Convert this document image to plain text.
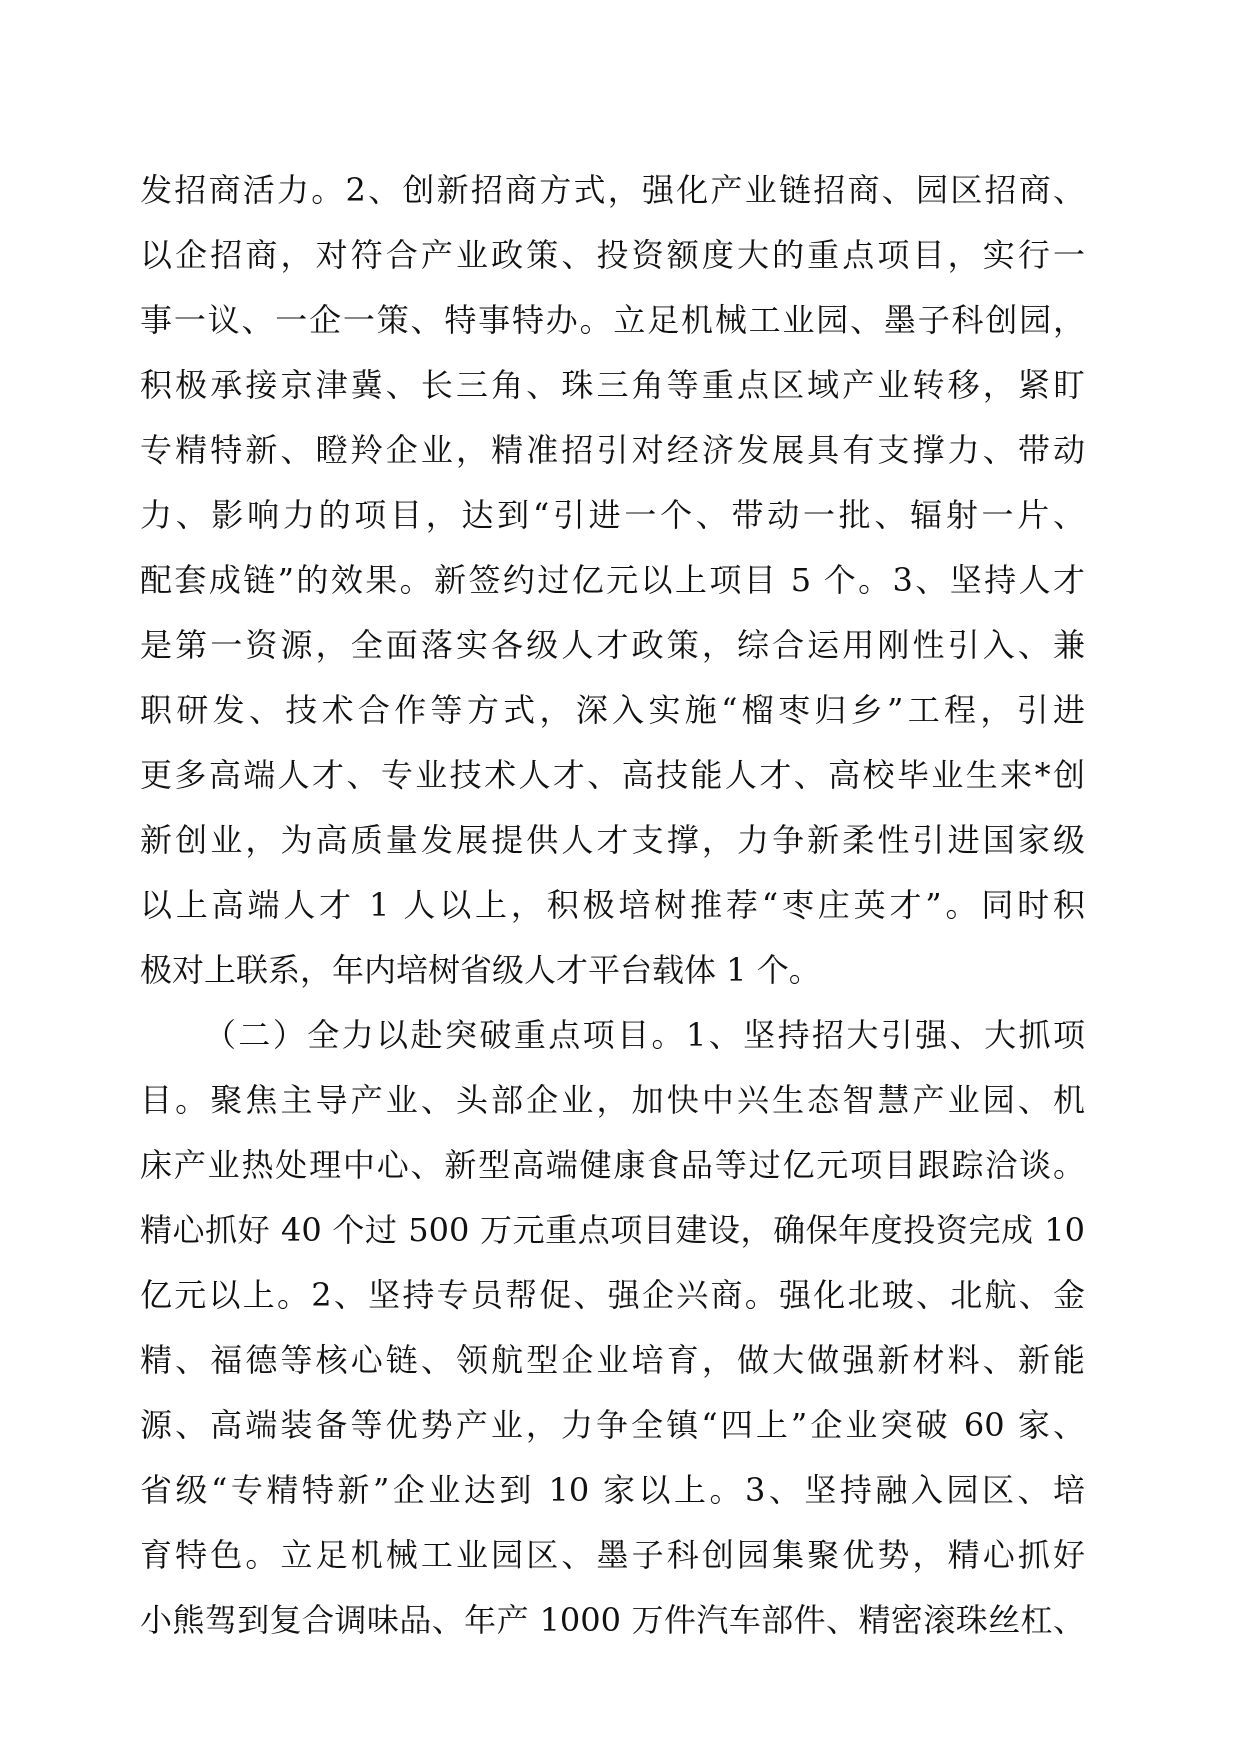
发招商活力。2、创新招商方式，强化产业链招商、园区招商、
以企招商，对符合产业政策、投资额度大的重点项目，实行一
事一议、一企一策、特事特办。立足机械工业园、墨子科创园，
积极承接京津冀、长三角、珠三角等重点区域产业转移，紧盯
专精特新、瞪羚企业，精准招引对经济发展具有支撑力、带动
力、影响力的项目，达到“引进一个、带动一批、辐射一片、
配套成链”的效果。新签约过亿元以上项目 5 个。3、坚持人才
是第一资源，全面落实各级人才政策，综合运用刚性引入、兼
职研发、技术合作等方式，深入实施“榴枣归乡”工程，引进
更多高端人才、专业技术人才、高技能人才、高校毕业生来*创
新创业，为高质量发展提供人才支撑，力争新柔性引进国家级
以上高端人才 1 人以上，积极培树推荐“枣庄英才”。同时积
极对上联系，年内培树省级人才平台载体 1 个。
（二）全力以赴突破重点项目。1、坚持招大引强、大抓项
目。聚焦主导产业、头部企业，加快中兴生态智慧产业园、机
床产业热处理中心、新型高端健康食品等过亿元项目跟踪洽谈。
精心抓好 40 个过 500 万元重点项目建设，确保年度投资完成 10
亿元以上。2、坚持专员帮促、强企兴商。强化北玻、北航、金
精、福德等核心链、领航型企业培育，做大做强新材料、新能
源、高端装备等优势产业，力争全镇“四上”企业突破 60 家、
省级“专精特新”企业达到 10 家以上。3、坚持融入园区、培
育特色。立足机械工业园区、墨子科创园集聚优势，精心抓好
小熊驾到复合调味品、年产 1000 万件汽车部件、精密滚珠丝杠、
